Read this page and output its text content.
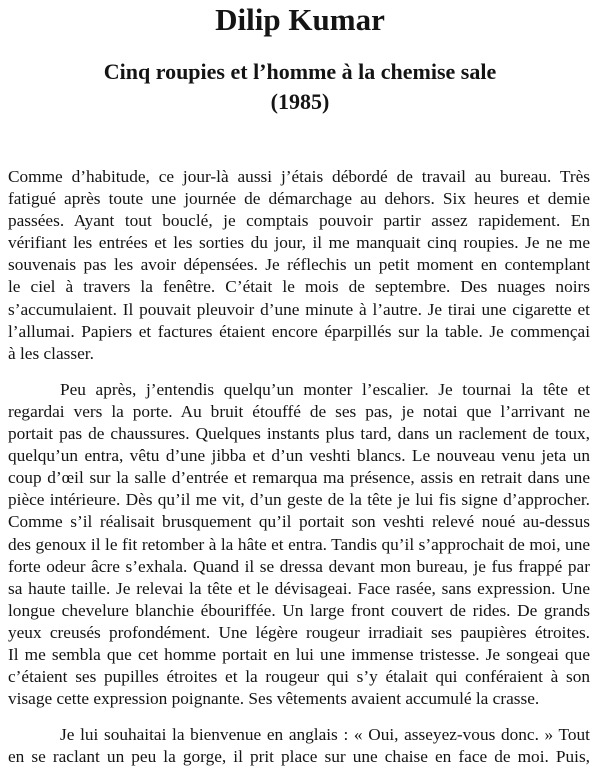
Dilip Kumar
Cinq roupies et l’homme à la chemise sale
(1985)
Comme d’habitude, ce jour-là aussi j’étais débordé de travail au bureau. Très
fatigué après toute une journée de démarchage au dehors. Six heures et demie
passées. Ayant tout bouclé, je comptais pouvoir partir assez rapidement. En
vérifiant les entrées et les sorties du jour, il me manquait cinq roupies. Je ne me
souvenais pas les avoir dépensées. Je réflechis un petit moment en contemplant
le ciel à travers la fenêtre. C’était le mois de septembre. Des nuages noirs
s’accumulaient. Il pouvait pleuvoir d’une minute à l’autre. Je tirai une cigarette et
l’allumai. Papiers et factures étaient encore éparpillés sur la table. Je commençai
à les classer.
Peu après, j’entendis quelqu’un monter l’escalier. Je tournai la tête et
regardai vers la porte. Au bruit étouffé de ses pas, je notai que l’arrivant ne
portait pas de chaussures. Quelques instants plus tard, dans un raclement de toux,
quelqu’un entra, vêtu d’une jibba et d’un veshti blancs. Le nouveau venu jeta un
coup d’œil sur la salle d’entrée et remarqua ma présence, assis en retrait dans une
pièce intérieure. Dès qu’il me vit, d’un geste de la tête je lui fis signe d’approcher.
Comme s’il réalisait brusquement qu’il portait son veshti relevé noué au-dessus
des genoux il le fit retomber à la hâte et entra. Tandis qu’il s’approchait de moi, une
forte odeur âcre s’exhala. Quand il se dressa devant mon bureau, je fus frappé par
sa haute taille. Je relevai la tête et le dévisageai. Face rasée, sans expression. Une
longue chevelure blanchie ébouriffée. Un large front couvert de rides. De grands
yeux creusés profondément. Une légère rougeur irradiait ses paupières étroites.
Il me sembla que cet homme portait en lui une immense tristesse. Je songeai que
c’étaient ses pupilles étroites et la rougeur qui s’y étalait qui conféraient à son
visage cette expression poignante. Ses vêtements avaient accumulé la crasse.
Je lui souhaitai la bienvenue en anglais : « Oui, asseyez-vous donc. » Tout
en se raclant un peu la gorge, il prit place sur une chaise en face de moi. Puis,
